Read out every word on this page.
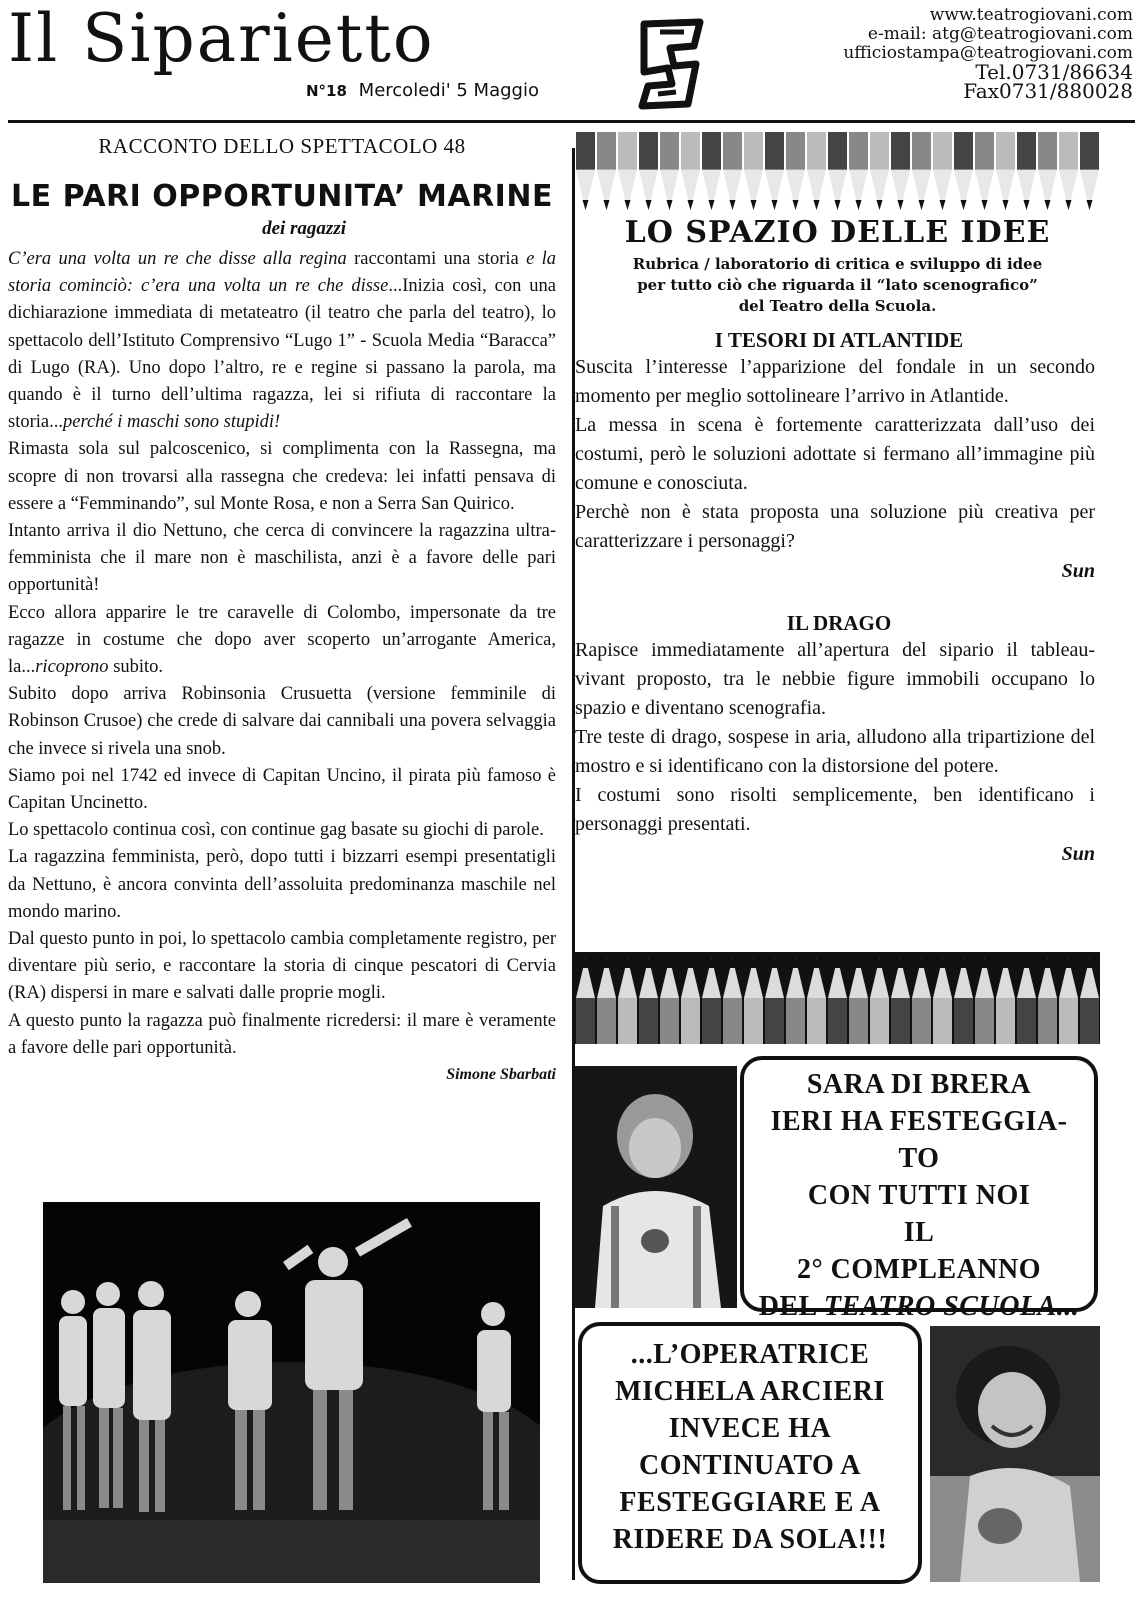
Il Siparietto
N°18 Mercoledi' 5 Maggio
www.teatrogiovani.com
e-mail: atg@teatrogiovani.com
ufficiostampa@teatrogiovani.com
Tel.0731/86634
Fax0731/880028
RACCONTO DELLO SPETTACOLO 48
LE PARI OPPORTUNITA’ MARINE
dei ragazzi

C’era una volta un re che disse alla regina raccontami una storia e la storia cominciò: c’era una volta un re che disse...Inizia così, con una dichiarazione immediata di metateatro (il teatro che parla del teatro), lo spettacolo dell’Istituto Comprensivo “Lugo 1” - Scuola Media “Baracca” di Lugo (RA). Uno dopo l’altro, re e regine si passano la parola, ma quando è il turno dell’ultima ragazza, lei si rifiuta di raccontare la storia...perché i maschi sono stupidi!

Rimasta sola sul palcoscenico, si complimenta con la Rassegna, ma scopre di non trovarsi alla rassegna che credeva: lei infatti pensava di essere a “Femminando”, sul Monte Rosa, e non a Serra San Quirico.

Intanto arriva il dio Nettuno, che cerca di convincere la ragazzina ultra-femminista che il mare non è maschilista, anzi è a favore delle pari opportunità!

Ecco allora apparire le tre caravelle di Colombo, impersonate da tre ragazze in costume che dopo aver scoperto un’arrogante America, la...ricoprono subito.

Subito dopo arriva Robinsonia Crusuetta (versione femminile di Robinson Crusoe) che crede di salvare dai cannibali una povera selvaggia che invece si rivela una snob.

Siamo poi nel 1742 ed invece di Capitan Uncino, il pirata più famoso è Capitan Uncinetto.

Lo spettacolo continua così, con continue gag basate su giochi di parole.

La ragazzina femminista, però, dopo tutti i bizzarri esempi presentatigli da Nettuno, è ancora convinta dell’assoluita predominanza maschile nel mondo marino.

Dal questo punto in poi, lo spettacolo cambia completamente registro, per diventare più serio, e raccontare la storia di cinque pescatori di Cervia (RA) dispersi in mare e salvati dalle proprie mogli.

A questo punto la ragazza può finalmente ricredersi: il mare è veramente a favore delle pari opportunità.

Simone Sbarbati
LO SPAZIO DELLE IDEE
Rubrica / laboratorio di critica e sviluppo di idee
per tutto ciò che riguarda il “lato scenografico”
del Teatro della Scuola.
I TESORI DI ATLANTIDE

Suscita l’interesse l’apparizione del fondale in un secondo momento per meglio sottolineare l’arrivo in Atlantide.

La messa in scena è fortemente caratterizzata dall’uso dei costumi, però le soluzioni adottate si fermano all’immagine più comune e conosciuta.

Perchè non è stata proposta una soluzione più creativa per caratterizzare i personaggi?

Sun
IL DRAGO

Rapisce immediatamente all’apertura del sipario il tableau-vivant proposto, tra le nebbie figure immobili occupano lo spazio e diventano scenografia.

Tre teste di drago, sospese in aria, alludono alla tripartizione del mostro e si identificano con la distorsione del potere.

I costumi sono risolti semplicemente, ben identificano i personaggi presentati.

Sun
SARA DI BRERA
IERI HA FESTEGGIA-
TO
CON TUTTI NOI
IL
2° COMPLEANNO
DEL TEATRO SCUOLA...
...L’OPERATRICE
MICHELA ARCIERI
INVECE HA
CONTINUATO A
FESTEGGIARE E A
RIDERE DA SOLA!!!
